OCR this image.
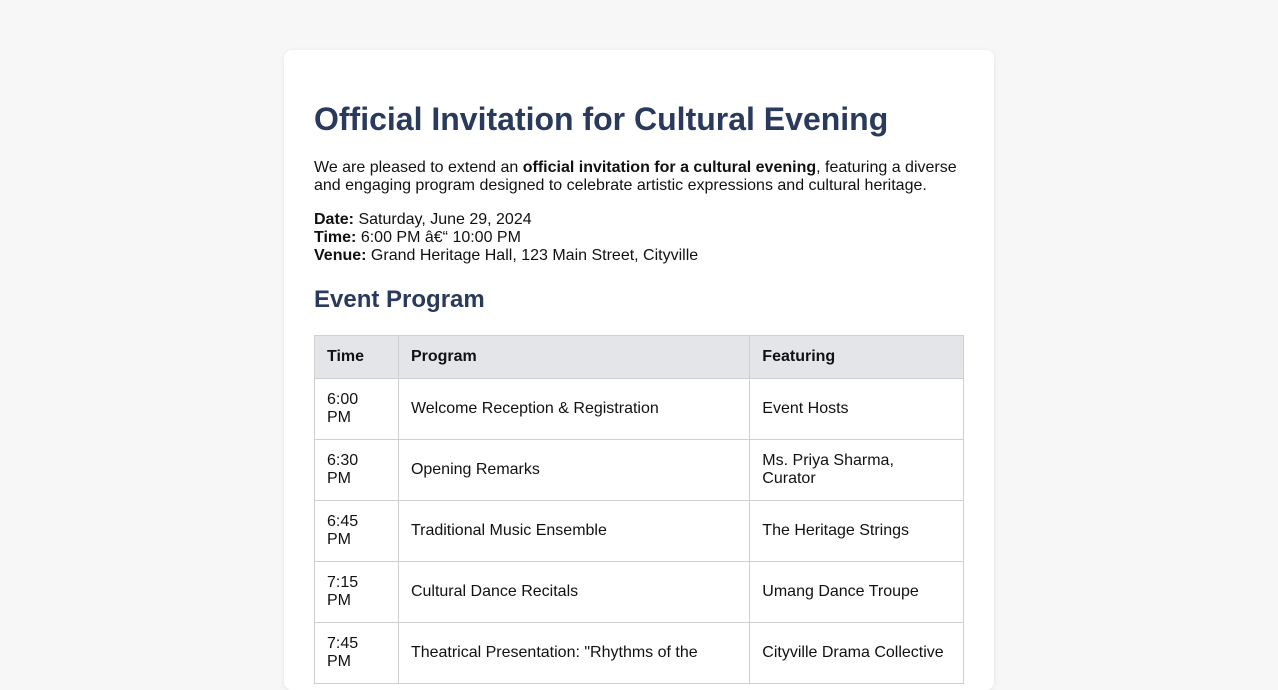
Official Invitation for Cultural Evening

We are pleased to extend an official invitation for a cultural evening, featuring a diverse and engaging program designed to celebrate artistic expressions and cultural heritage.

Date: Saturday, June 29, 2024
Time: 6:00 PM â€“ 10:00 PM
Venue: Grand Heritage Hall, 123 Main Street, Cityville
Event Program
Time	Program	Featuring
6:00 PM	Welcome Reception & Registration	Event Hosts
6:30 PM	Opening Remarks	Ms. Priya Sharma, Curator
6:45 PM	Traditional Music Ensemble	The Heritage Strings
7:15 PM	Cultural Dance Recitals	Umang Dance Troupe
7:45 PM	Theatrical Presentation: "Rhythms of the	Cityville Drama Collective
